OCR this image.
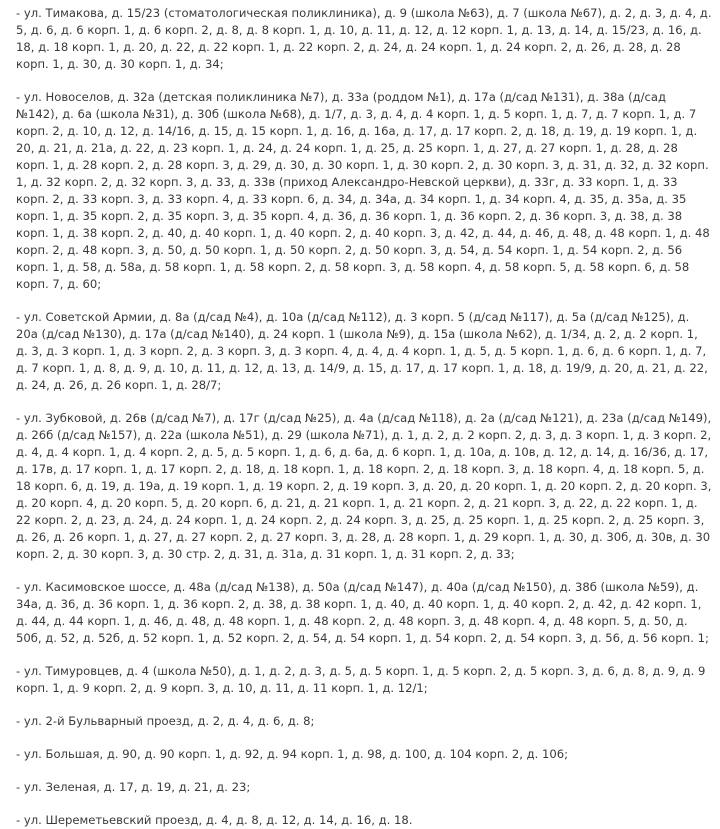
- ул. Тимакова, д. 15/23 (стоматологическая поликлиника), д. 9 (школа №63), д. 7 (школа №67), д. 2, д. 3, д. 4, д. 5, д. 6, д. 6 корп. 1, д. 6 корп. 2, д. 8, д. 8 корп. 1, д. 10, д. 11, д. 12, д. 12 корп. 1, д. 13, д. 14, д. 15/23, д. 16, д. 18, д. 18 корп. 1, д. 20, д. 22, д. 22 корп. 1, д. 22 корп. 2, д. 24, д. 24 корп. 1, д. 24 корп. 2, д. 26, д. 28, д. 28 корп. 1, д. 30, д. 30 корп. 1, д. 34;

- ул. Новоселов, д. 32а (детская поликлиника №7), д. 33а (роддом №1), д. 17а (д/сад №131), д. 38а (д/сад №142), д. 6а (школа №31), д. 30б (школа №68), д. 1/7, д. 3, д. 4, д. 4 корп. 1, д. 5 корп. 1, д. 7, д. 7 корп. 1, д. 7 корп. 2, д. 10, д. 12, д. 14/16, д. 15, д. 15 корп. 1, д. 16, д. 16а, д. 17, д. 17 корп. 2, д. 18, д. 19, д. 19 корп. 1, д. 20, д. 21, д. 21а, д. 22, д. 23 корп. 1, д. 24, д. 24 корп. 1, д. 25, д. 25 корп. 1, д. 27, д. 27 корп. 1, д. 28, д. 28 корп. 1, д. 28 корп. 2, д. 28 корп. 3, д. 29, д. 30, д. 30 корп. 1, д. 30 корп. 2, д. 30 корп. 3, д. 31, д. 32, д. 32 корп. 1, д. 32 корп. 2, д. 32 корп. 3, д. 33, д. 33в (приход Александро-Невской церкви), д. 33г, д. 33 корп. 1, д. 33 корп. 2, д. 33 корп. 3, д. 33 корп. 4, д. 33 корп. 6, д. 34, д. 34а, д. 34 корп. 1, д. 34 корп. 4, д. 35, д. 35а, д. 35 корп. 1, д. 35 корп. 2, д. 35 корп. 3, д. 35 корп. 4, д. 36, д. 36 корп. 1, д. 36 корп. 2, д. 36 корп. 3, д. 38, д. 38 корп. 1, д. 38 корп. 2, д. 40, д. 40 корп. 1, д. 40 корп. 2, д. 40 корп. 3, д. 42, д. 44, д. 46, д. 48, д. 48 корп. 1, д. 48 корп. 2, д. 48 корп. 3, д. 50, д. 50 корп. 1, д. 50 корп. 2, д. 50 корп. 3, д. 54, д. 54 корп. 1, д. 54 корп. 2, д. 56 корп. 1, д. 58, д. 58а, д. 58 корп. 1, д. 58 корп. 2, д. 58 корп. 3, д. 58 корп. 4, д. 58 корп. 5, д. 58 корп. 6, д. 58 корп. 7, д. 60;

- ул. Советской Армии, д. 8а (д/сад №4), д. 10а (д/сад №112), д. 3 корп. 5 (д/сад №117), д. 5а (д/сад №125), д. 20а (д/сад №130), д. 17а (д/сад №140), д. 24 корп. 1 (школа №9), д. 15а (школа №62), д. 1/34, д. 2, д. 2 корп. 1, д. 3, д. 3 корп. 1, д. 3 корп. 2, д. 3 корп. 3, д. 3 корп. 4, д. 4, д. 4 корп. 1, д. 5, д. 5 корп. 1, д. 6, д. 6 корп. 1, д. 7, д. 7 корп. 1, д. 8, д. 9, д. 10, д. 11, д. 12, д. 13, д. 14/9, д. 15, д. 17, д. 17 корп. 1, д. 18, д. 19/9, д. 20, д. 21, д. 22, д. 24, д. 26, д. 26 корп. 1, д. 28/7;

- ул. Зубковой, д. 26в (д/сад №7), д. 17г (д/сад №25), д. 4а (д/сад №118), д. 2а (д/сад №121), д. 23а (д/сад №149), д. 26б (д/сад №157), д. 22а (школа №51), д. 29 (школа №71), д. 1, д. 2, д. 2 корп. 2, д. 3, д. 3 корп. 1, д. 3 корп. 2, д. 4, д. 4 корп. 1, д. 4 корп. 2, д. 5, д. 5 корп. 1, д. 6, д. 6а, д. 6 корп. 1, д. 10а, д. 10в, д. 12, д. 14, д. 16/36, д. 17, д. 17в, д. 17 корп. 1, д. 17 корп. 2, д. 18, д. 18 корп. 1, д. 18 корп. 2, д. 18 корп. 3, д. 18 корп. 4, д. 18 корп. 5, д. 18 корп. 6, д. 19, д. 19а, д. 19 корп. 1, д. 19 корп. 2, д. 19 корп. 3, д. 20, д. 20 корп. 1, д. 20 корп. 2, д. 20 корп. 3, д. 20 корп. 4, д. 20 корп. 5, д. 20 корп. 6, д. 21, д. 21 корп. 1, д. 21 корп. 2, д. 21 корп. 3, д. 22, д. 22 корп. 1, д. 22 корп. 2, д. 23, д. 24, д. 24 корп. 1, д. 24 корп. 2, д. 24 корп. 3, д. 25, д. 25 корп. 1, д. 25 корп. 2, д. 25 корп. 3, д. 26, д. 26 корп. 1, д. 27, д. 27 корп. 2, д. 27 корп. 3, д. 28, д. 28 корп. 1, д. 29 корп. 1, д. 30, д. 30б, д. 30в, д. 30 корп. 2, д. 30 корп. 3, д. 30 стр. 2, д. 31, д. 31а, д. 31 корп. 1, д. 31 корп. 2, д. 33;

- ул. Касимовское шоссе, д. 48а (д/сад №138), д. 50а (д/сад №147), д. 40а (д/сад №150), д. 38б (школа №59), д. 34а, д. 36, д. 36 корп. 1, д. 36 корп. 2, д. 38, д. 38 корп. 1, д. 40, д. 40 корп. 1, д. 40 корп. 2, д. 42, д. 42 корп. 1, д. 44, д. 44 корп. 1, д. 46, д. 48, д. 48 корп. 1, д. 48 корп. 2, д. 48 корп. 3, д. 48 корп. 4, д. 48 корп. 5, д. 50, д. 50б, д. 52, д. 52б, д. 52 корп. 1, д. 52 корп. 2, д. 54, д. 54 корп. 1, д. 54 корп. 2, д. 54 корп. 3, д. 56, д. 56 корп. 1;

- ул. Тимуровцев, д. 4 (школа №50), д. 1, д. 2, д. 3, д. 5, д. 5 корп. 1, д. 5 корп. 2, д. 5 корп. 3, д. 6, д. 8, д. 9, д. 9 корп. 1, д. 9 корп. 2, д. 9 корп. 3, д. 10, д. 11, д. 11 корп. 1, д. 12/1;

- ул. 2-й Бульварный проезд, д. 2, д. 4, д. 6, д. 8;

- ул. Большая, д. 90, д. 90 корп. 1, д. 92, д. 94 корп. 1, д. 98, д. 100, д. 104 корп. 2, д. 106;

- ул. Зеленая, д. 17, д. 19, д. 21, д. 23;

- ул. Шереметьевский проезд, д. 4, д. 8, д. 12, д. 14, д. 16, д. 18.
